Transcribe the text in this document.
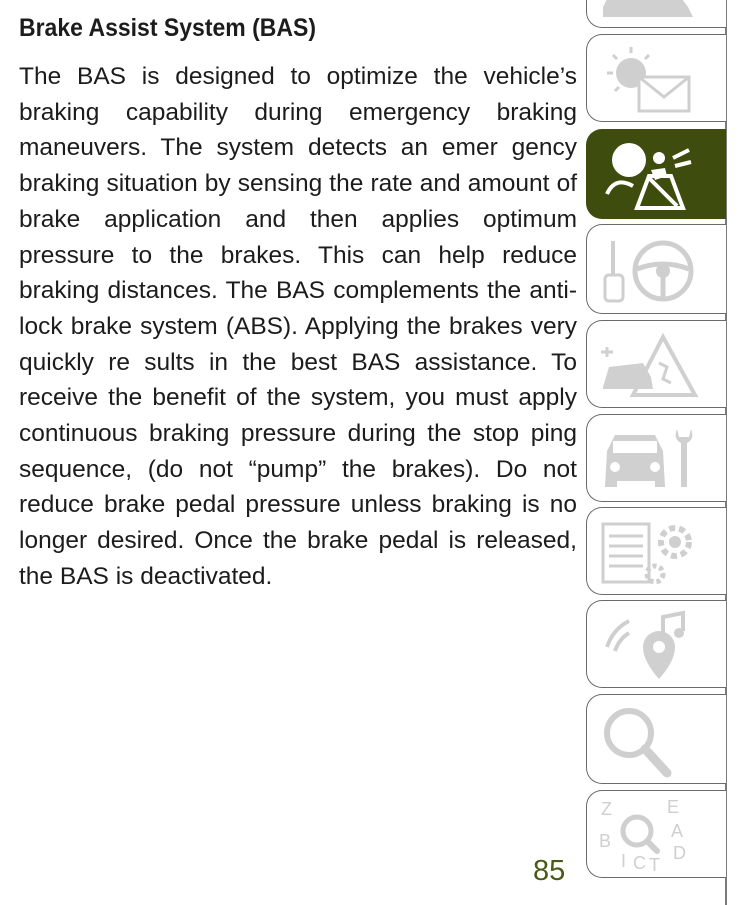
Brake Assist System (BAS)

The BAS is designed to optimize the vehicle’s braking capability during emergency braking maneuvers. The system detects an emer gency braking situation by sensing the rate and amount of brake application and then applies optimum pressure to the brakes. This can help reduce braking distances. The BAS complements the anti-lock brake system (ABS). Applying the brakes very quickly re sults in the best BAS assistance. To receive the benefit of the system, you must apply continuous braking pressure during the stop ping sequence, (do not “pump” the brakes). Do not reduce brake pedal pressure unless braking is no longer desired. Once the brake pedal is released, the BAS is deactivated.

85
Z	E
A
B
I C T
D
